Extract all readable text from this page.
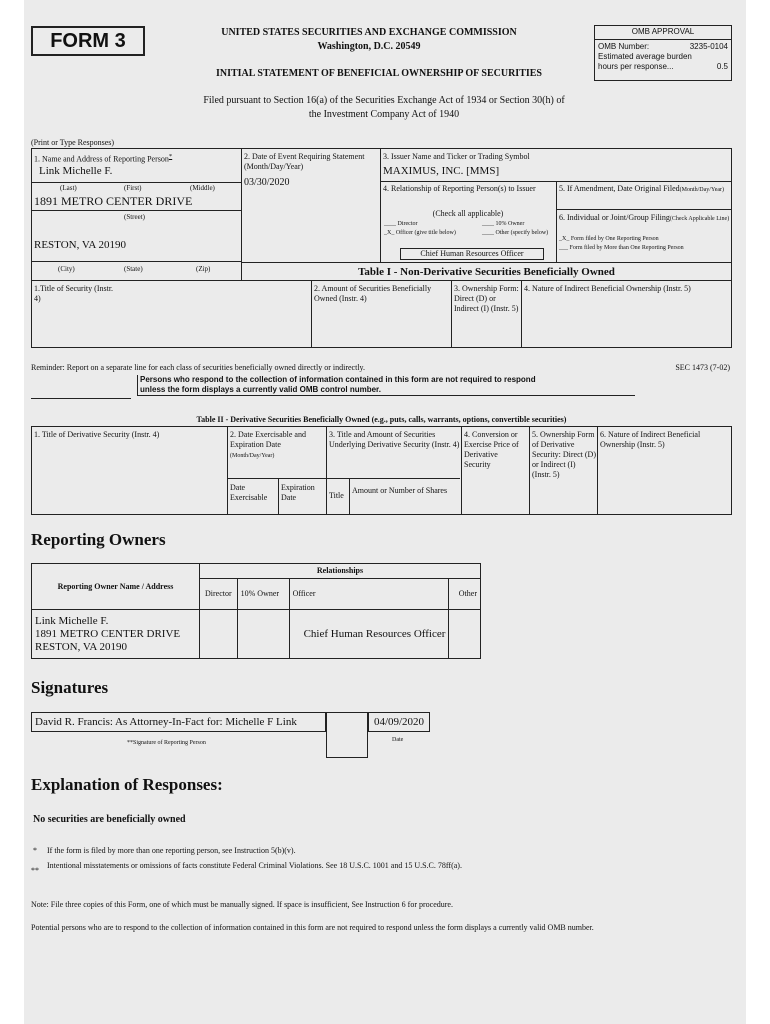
FORM 3	UNITED STATES SECURITIES AND EXCHANGE COMMISSION
Washington, D.C. 20549
INITIAL STATEMENT OF BENEFICIAL OWNERSHIP OF SECURITIES
OMB APPROVAL
OMB Number:	3235-0104
Estimated average burden
hours per response...	0.5
Filed pursuant to Section 16(a) of the Securities Exchange Act of 1934 or Section 30(h) of
the Investment Company Act of 1940
(Print or Type Responses)
1. Name and Address of Reporting Person*
Link Michelle F.
(Last)	(First)	(Middle)
1891 METRO CENTER DRIVE
(Street)
RESTON, VA 20190
(City)	(State)	(Zip)
2. Date of Event Requiring Statement (Month/Day/Year)
03/30/2020
3. Issuer Name and Ticker or Trading Symbol
MAXIMUS, INC. [MMS]
4. Relationship of Reporting Person(s) to Issuer
(Check all applicable)
____ Director	____ 10% Owner
_X_ Officer (give title below)	____ Other (specify below)
Chief Human Resources Officer
5. If Amendment, Date Original Filed(Month/Day/Year)
6. Individual or Joint/Group Filing(Check Applicable Line)
_X_ Form filed by One Reporting Person
___ Form filed by More than One Reporting Person
Table I - Non-Derivative Securities Beneficially Owned
1.Title of Security (Instr. 4)
2. Amount of Securities Beneficially Owned (Instr. 4)
3. Ownership Form: Direct (D) or Indirect (I) (Instr. 5)
4. Nature of Indirect Beneficial Ownership (Instr. 5)
Reminder: Report on a separate line for each class of securities beneficially owned directly or indirectly.	SEC 1473 (7-02)
Persons who respond to the collection of information contained in this form are not required to respond
unless the form displays a currently valid OMB control number.
Table II - Derivative Securities Beneficially Owned (e.g., puts, calls, warrants, options, convertible securities)
1. Title of Derivative Security (Instr. 4)	2. Date Exercisable and Expiration Date
(Month/Day/Year)
Date Exercisable
Expiration Date
3. Title and Amount of Securities Underlying Derivative Security (Instr. 4)
Title
Amount or Number of Shares
4. Conversion or Exercise Price of Derivative Security
5. Ownership Form of Derivative Security: Direct (D) or Indirect (I) (Instr. 5)
6. Nature of Indirect Beneficial Ownership (Instr. 5)
Reporting Owners
Reporting Owner Name / Address	Relationships			
	Director	10% Owner	Officer	Other

Link Michelle F.
1891 METRO CENTER DRIVE
RESTON, VA 20190			Chief Human Resources Officer	
Signatures
David R. Francis: As Attorney-In-Fact for: Michelle F Link	04/09/2020
**Signature of Reporting Person	Date
Explanation of Responses:
No securities are beneficially owned
* If the form is filed by more than one reporting person, see Instruction 5(b)(v).
**
Intentional misstatements or omissions of facts constitute Federal Criminal Violations. See 18 U.S.C. 1001 and 15 U.S.C. 78ff(a).
Note: File three copies of this Form, one of which must be manually signed. If space is insufficient, See Instruction 6 for procedure.
Potential persons who are to respond to the collection of information contained in this form are not required to respond unless the form displays a currently valid OMB number.
